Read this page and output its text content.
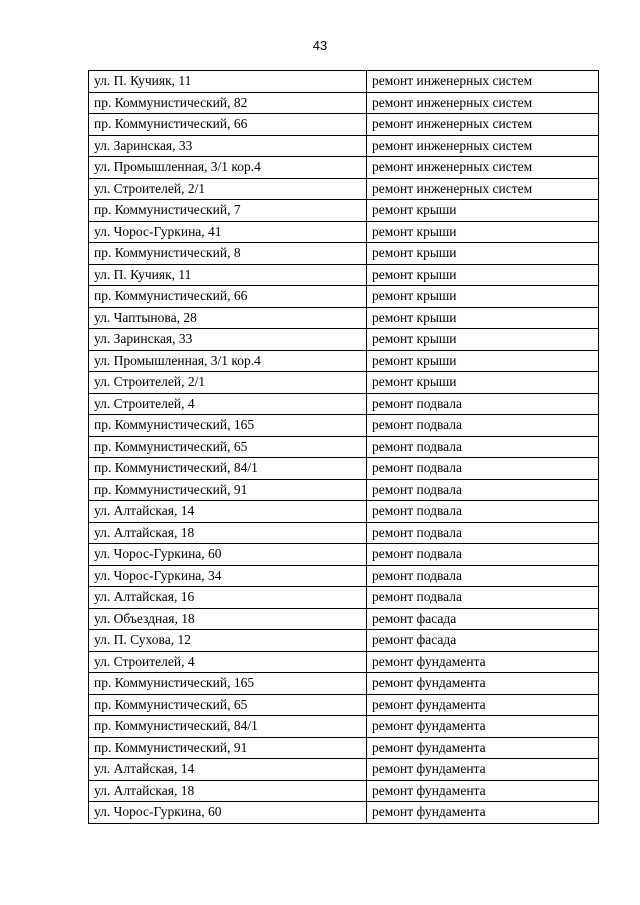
43
ул. П. Кучияк, 11	ремонт инженерных систем
пр. Коммунистический, 82	ремонт инженерных систем
пр. Коммунистический, 66	ремонт инженерных систем
ул. Заринская, 33	ремонт инженерных систем
ул. Промышленная, 3/1 кор.4	ремонт инженерных систем
ул. Строителей, 2/1	ремонт инженерных систем
пр. Коммунистический, 7	ремонт крыши
ул. Чорос-Гуркина, 41	ремонт крыши
пр. Коммунистический, 8	ремонт крыши
ул. П. Кучияк, 11	ремонт крыши
пр. Коммунистический, 66	ремонт крыши
ул. Чаптынова, 28	ремонт крыши
ул. Заринская, 33	ремонт крыши
ул. Промышленная, 3/1 кор.4	ремонт крыши
ул. Строителей, 2/1	ремонт крыши
ул. Строителей, 4	ремонт подвала
пр. Коммунистический, 165	ремонт подвала
пр. Коммунистический, 65	ремонт подвала
пр. Коммунистический, 84/1	ремонт подвала
пр. Коммунистический, 91	ремонт подвала
ул. Алтайская, 14	ремонт подвала
ул. Алтайская, 18	ремонт подвала
ул. Чорос-Гуркина, 60	ремонт подвала
ул. Чорос-Гуркина, 34	ремонт подвала
ул. Алтайская, 16	ремонт подвала
ул. Объездная, 18	ремонт фасада
ул. П. Сухова, 12	ремонт фасада
ул. Строителей, 4	ремонт фундамента
пр. Коммунистический, 165	ремонт фундамента
пр. Коммунистический, 65	ремонт фундамента
пр. Коммунистический, 84/1	ремонт фундамента
пр. Коммунистический, 91	ремонт фундамента
ул. Алтайская, 14	ремонт фундамента
ул. Алтайская, 18	ремонт фундамента
ул. Чорос-Гуркина, 60	ремонт фундамента
